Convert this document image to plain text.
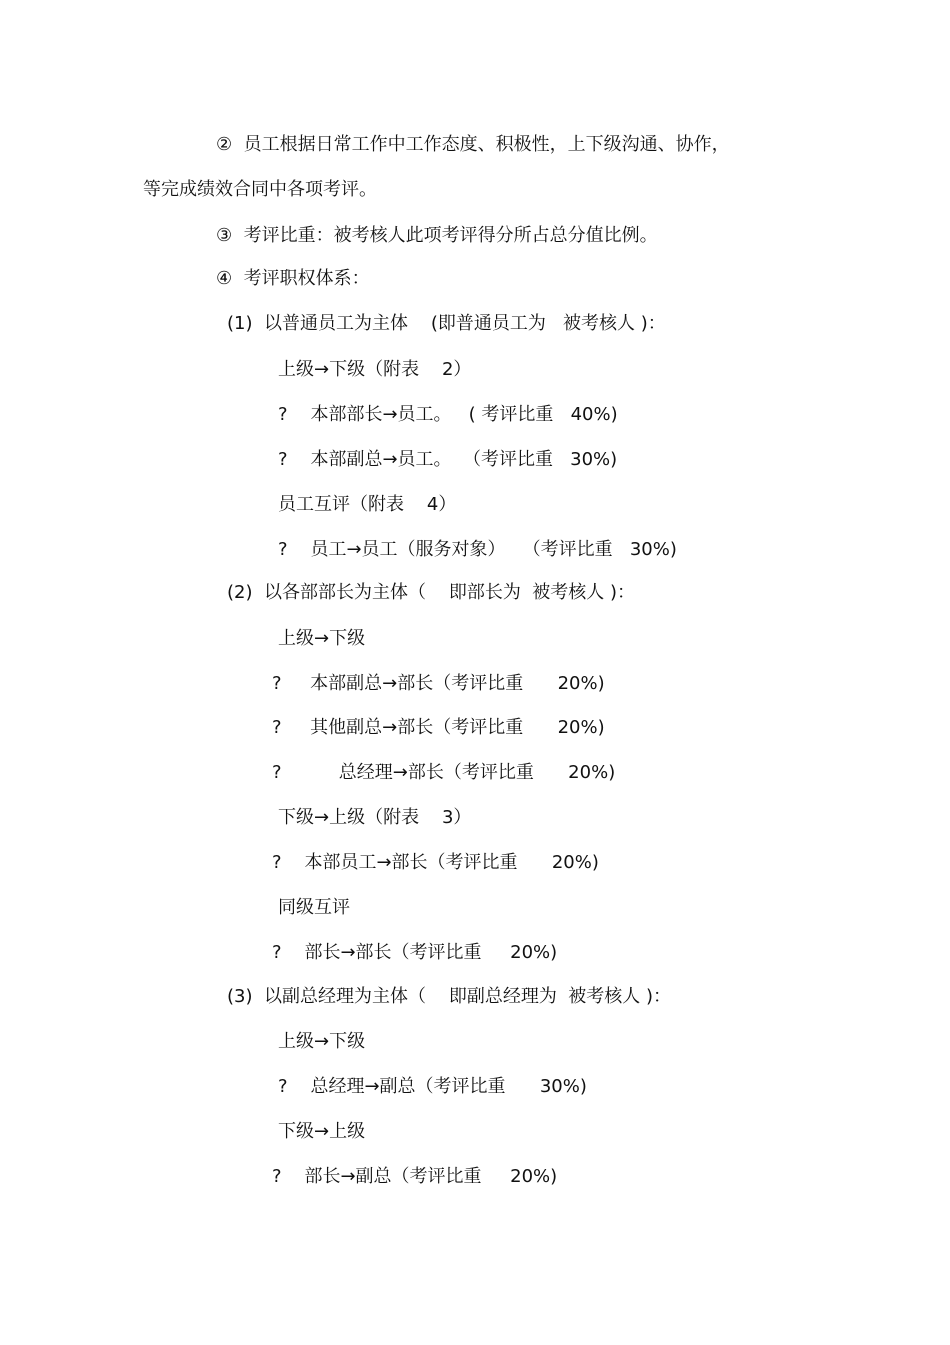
②  员工根据日常工作中工作态度、积极性，上下级沟通、协作，
等完成绩效合同中各项考评。
③  考评比重：被考核人此项考评得分所占总分值比例。
④  考评职权体系：
(1)  以普通员工为主体    (即普通员工为   被考核人 )：
上级→下级（附表    2）
?    本部部长→员工。   ( 考评比重   40%)
?    本部副总→员工。  （考评比重   30%)
员工互评（附表    4）
?    员工→员工（服务对象）   （考评比重   30%)
(2)  以各部部长为主体（    即部长为  被考核人 )：
上级→下级
?     本部副总→部长（考评比重      20%)
?     其他副总→部长（考评比重      20%)
?          总经理→部长（考评比重      20%)
下级→上级（附表    3）
?    本部员工→部长（考评比重      20%)
同级互评
?    部长→部长（考评比重     20%)
(3)  以副总经理为主体（    即副总经理为  被考核人 )：
上级→下级
?    总经理→副总（考评比重      30%)
下级→上级
?    部长→副总（考评比重     20%)
